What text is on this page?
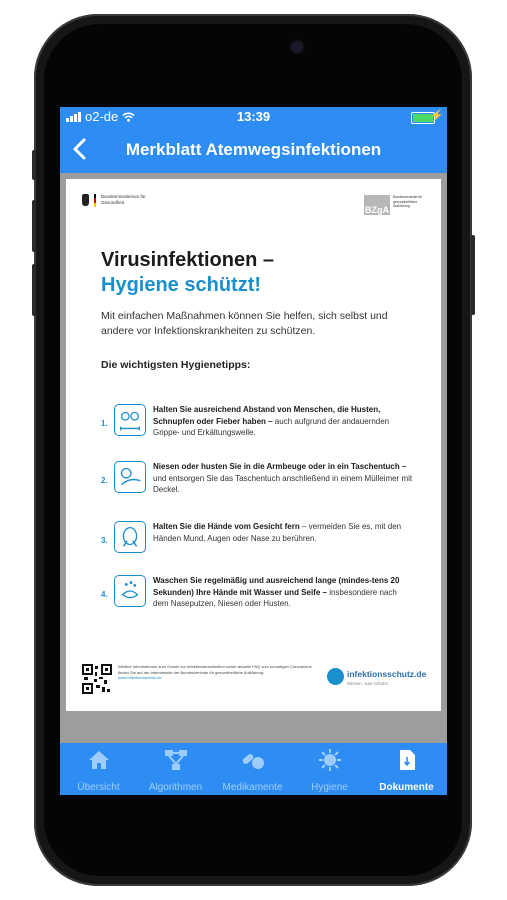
o2-de	13:39	⚡
Merkblatt Atemwegsinfektionen
Bundesministerium für Gesundheit
BZgA
Bundeszentrale für gesundheitliche Aufklärung
Virusinfektionen –
Hygiene schützt!
Mit einfachen Maßnahmen können Sie helfen, sich selbst und andere vor Infektionskrankheiten zu schützen.
Die wichtigsten Hygienetipps:
1.
Halten Sie ausreichend Abstand von Menschen, die Husten, Schnupfen oder Fieber haben – auch aufgrund der andauernden Grippe- und Erkältungswelle.
2.
Niesen oder husten Sie in die Armbeuge oder in ein Taschentuch – und entsorgen Sie das Taschentuch anschließend in einem Mülleimer mit Deckel.
3.
Halten Sie die Hände vom Gesicht fern – vermeiden Sie es, mit den Händen Mund, Augen oder Nase zu berühren.
4.
Waschen Sie regelmäßig und ausreichend lange (mindes-tens 20 Sekunden) Ihre Hände mit Wasser und Seife – insbesondere nach dem Naseputzen, Niesen oder Husten.
Weitere Informationen zum Schutz vor Infektionskrankheiten sowie aktuelle FAQ zum neuartigen Coronavirus finden Sie auf der Internetseite der Bundeszentrale für gesundheitliche Aufklärung:
www.infektionsschutz.de	infektionsschutz.de
Wissen, was schützt.
Übersicht	Algorithmen	Medikamente	Hygiene	Dokumente
